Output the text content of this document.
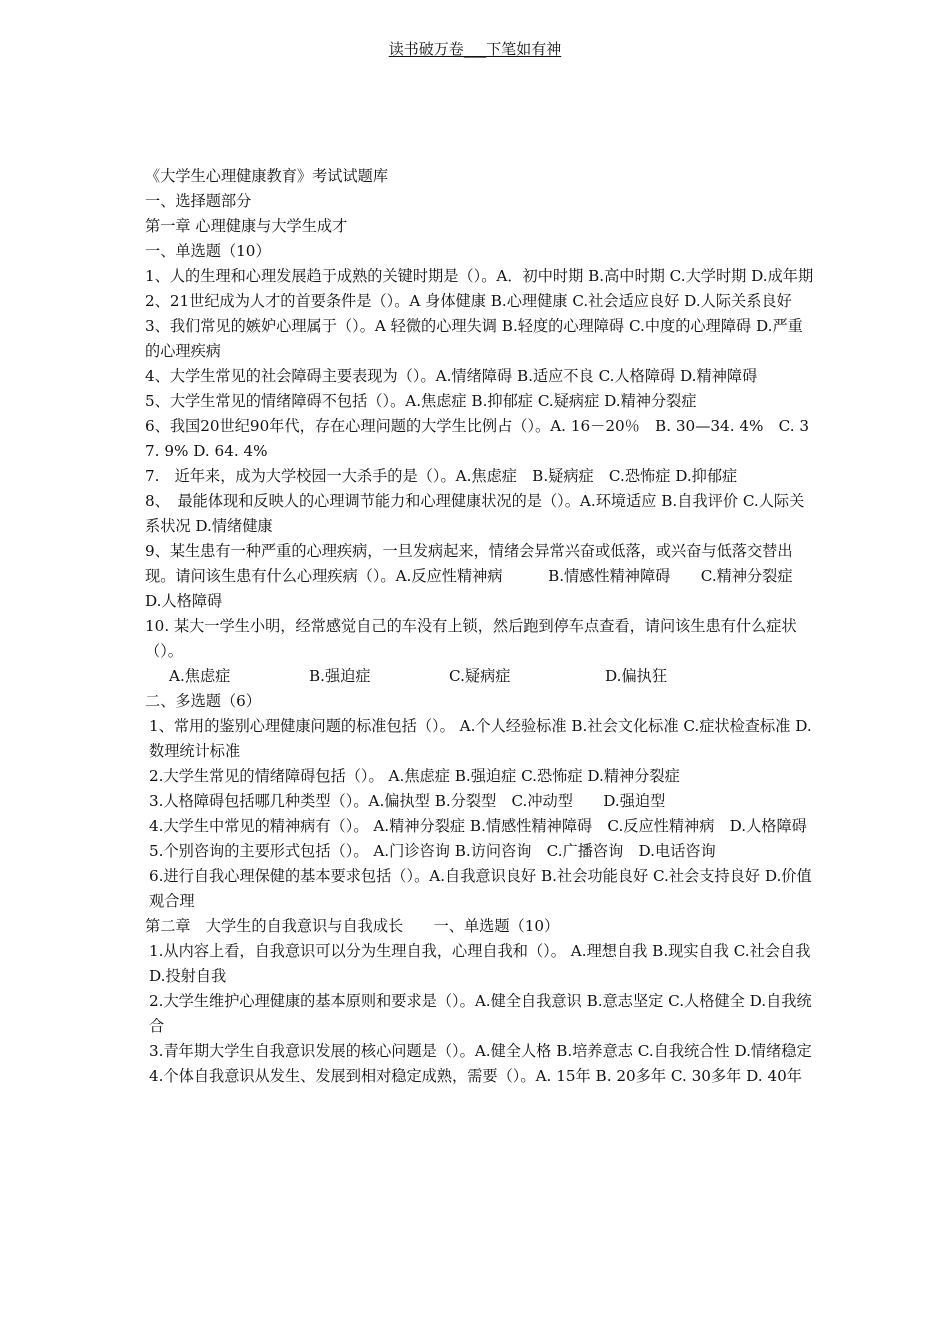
读书破万卷___下笔如有神

《大学生心理健康教育》考试试题库

一、选择题部分

第一章 心理健康与大学生成才

一、单选题（10）

1、人的生理和心理发展趋于成熟的关键时期是（）。A．初中时期 B.高中时期 C.大学时期 D.成年期

2、21世纪成为人才的首要条件是（）。A 身体健康 B.心理健康 C.社会适应良好 D.人际关系良好

3、我们常见的嫉妒心理属于（）。A 轻微的心理失调 B.轻度的心理障碍 C.中度的心理障碍 D.严重的心理疾病

4、大学生常见的社会障碍主要表现为（）。A.情绪障碍 B.适应不良 C.人格障碍 D.精神障碍

5、大学生常见的情绪障碍不包括（）。A.焦虑症 B.抑郁症 C.疑病症 D.精神分裂症

6、我国20世纪90年代，存在心理问题的大学生比例占（）。A. 16－20％　B. 30—34. 4%　C. 37. 9% D. 64. 4%

7.　近年来，成为大学校园一大杀手的是（）。A.焦虑症　B.疑病症　C.恐怖症 D.抑郁症

8、　最能体现和反映人的心理调节能力和心理健康状况的是（）。A.环境适应 B.自我评价 C.人际关系状况 D.情绪健康

9、某生患有一种严重的心理疾病，一旦发病起来，情绪会异常兴奋或低落，或兴奋与低落交替出现。请问该生患有什么心理疾病（）。A.反应性精神病　　　B.情感性精神障碍　　C.精神分裂症　　　D.人格障碍

10. 某大一学生小明，经常感觉自己的车没有上锁，然后跑到停车点查看，请问该生患有什么症状（）。

A.焦虑症	B.强迫症	C.疑病症	D.偏执狂

二、多选题（6）

1、常用的鉴别心理健康问题的标准包括（）。 A.个人经验标准 B.社会文化标准 C.症状检查标准 D.数理统计标准

2.大学生常见的情绪障碍包括（）。 A.焦虑症 B.强迫症 C.恐怖症 D.精神分裂症

3.人格障碍包括哪几种类型（）。A.偏执型 B.分裂型　C.冲动型　　D.强迫型

4.大学生中常见的精神病有（）。 A.精神分裂症 B.情感性精神障碍　C.反应性精神病　D.人格障碍

5.个别咨询的主要形式包括（）。 A.门诊咨询 B.访问咨询　C.广播咨询　D.电话咨询

6.进行自我心理保健的基本要求包括（）。A.自我意识良好 B.社会功能良好 C.社会支持良好 D.价值观合理

第二章　大学生的自我意识与自我成长　　一、单选题（10）

1.从内容上看，自我意识可以分为生理自我，心理自我和（）。 A.理想自我 B.现实自我 C.社会自我 D.投射自我

2.大学生维护心理健康的基本原则和要求是（）。A.健全自我意识 B.意志坚定 C.人格健全 D.自我统合

3.青年期大学生自我意识发展的核心问题是（）。A.健全人格 B.培养意志 C.自我统合性 D.情绪稳定

4.个体自我意识从发生、发展到相对稳定成熟，需要（）。A. 15年 B. 20多年 C. 30多年 D. 40年
